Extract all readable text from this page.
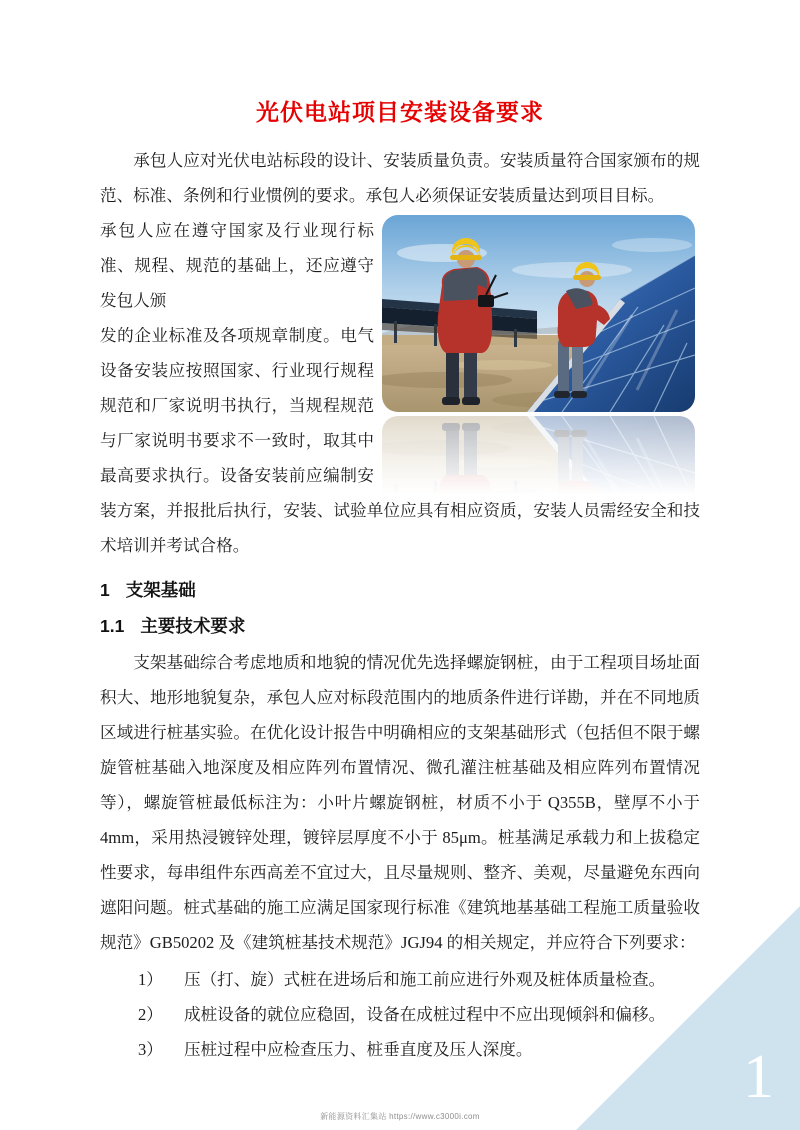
光伏电站项目安装设备要求

承包人应对光伏电站标段的设计、安装质量负责。安装质量符合国家颁布的规范、标准、条例和行业惯例的要求。承包人必须保证安装质量达到项目目标。

承包人应在遵守国家及行业现行标准、规程、规范的基础上，还应遵守发包人颁

发的企业标准及各项规章制度。电气设备安装应按照国家、行业现行规程规范和厂家说明书执行，当规程规范与厂家说明书要求不一致时，取其中最高要求执行。设备安装前应编制安装方案，并报批后执行，安装、试验单位应具有相应资质，安装人员需经安全和技术培训并考试合格。

1 支架基础
1.1 主要技术要求

支架基础综合考虑地质和地貌的情况优先选择螺旋钢桩，由于工程项目场址面积大、地形地貌复杂，承包人应对标段范围内的地质条件进行详勘，并在不同地质区域进行桩基实验。在优化设计报告中明确相应的支架基础形式（包括但不限于螺旋管桩基础入地深度及相应阵列布置情况、微孔灌注桩基础及相应阵列布置情况等），螺旋管桩最低标注为：小叶片螺旋钢桩，材质不小于 Q355B，壁厚不小于 4mm，采用热浸镀锌处理，镀锌层厚度不小于 85μm。桩基满足承载力和上拔稳定性要求，每串组件东西高差不宜过大，且尽量规则、整齐、美观，尽量避免东西向遮阳问题。桩式基础的施工应满足国家现行标准《建筑地基基础工程施工质量验收规范》GB50202 及《建筑桩基技术规范》JGJ94 的相关规定，并应符合下列要求：

1）	压（打、旋）式桩在进场后和施工前应进行外观及桩体质量检查。
2）	成桩设备的就位应稳固，设备在成桩过程中不应出现倾斜和偏移。
3）	压桩过程中应检查压力、桩垂直度及压人深度。	1
新能源资料汇集站 https://www.c3000i.com
